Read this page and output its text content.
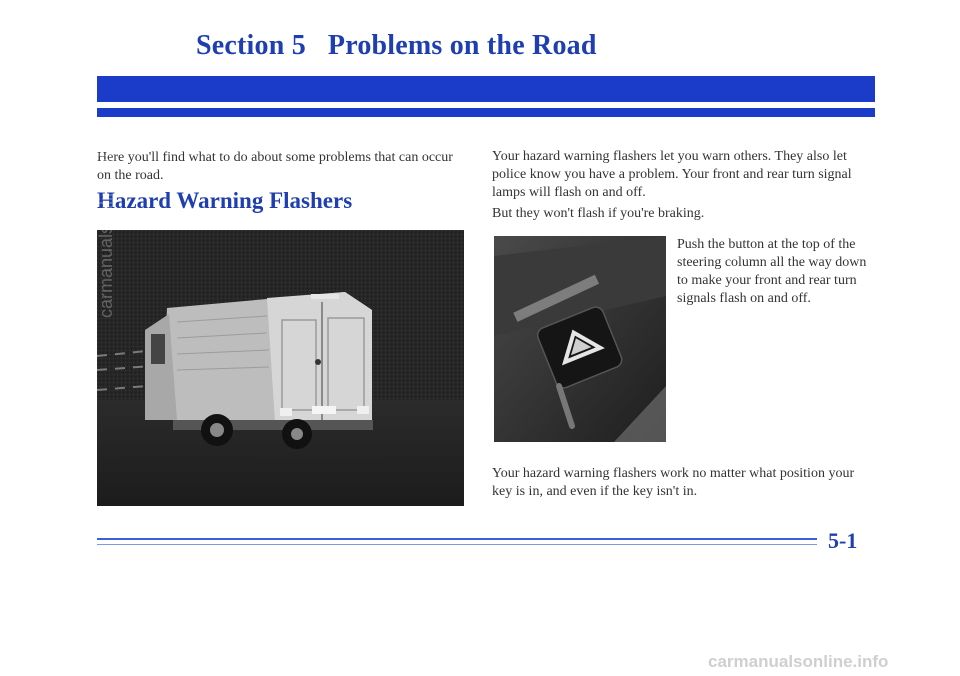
Section 5 Problems on the Road
Here you'll find what to do about some problems that can occur on the road.
Hazard Warning Flashers
Your hazard warning flashers let you warn others. They also let police know you have a problem. Your front and rear turn signal lamps will flash on and off.
But they won't flash if you're braking.
Push the button at the top of the steering column all the way down to make your front and rear turn signals flash on and off.
Your hazard warning flashers work no matter what position your key is in, and even if the key isn't in.
5-1
carmanualsonline.info
carmanualsonline.info
